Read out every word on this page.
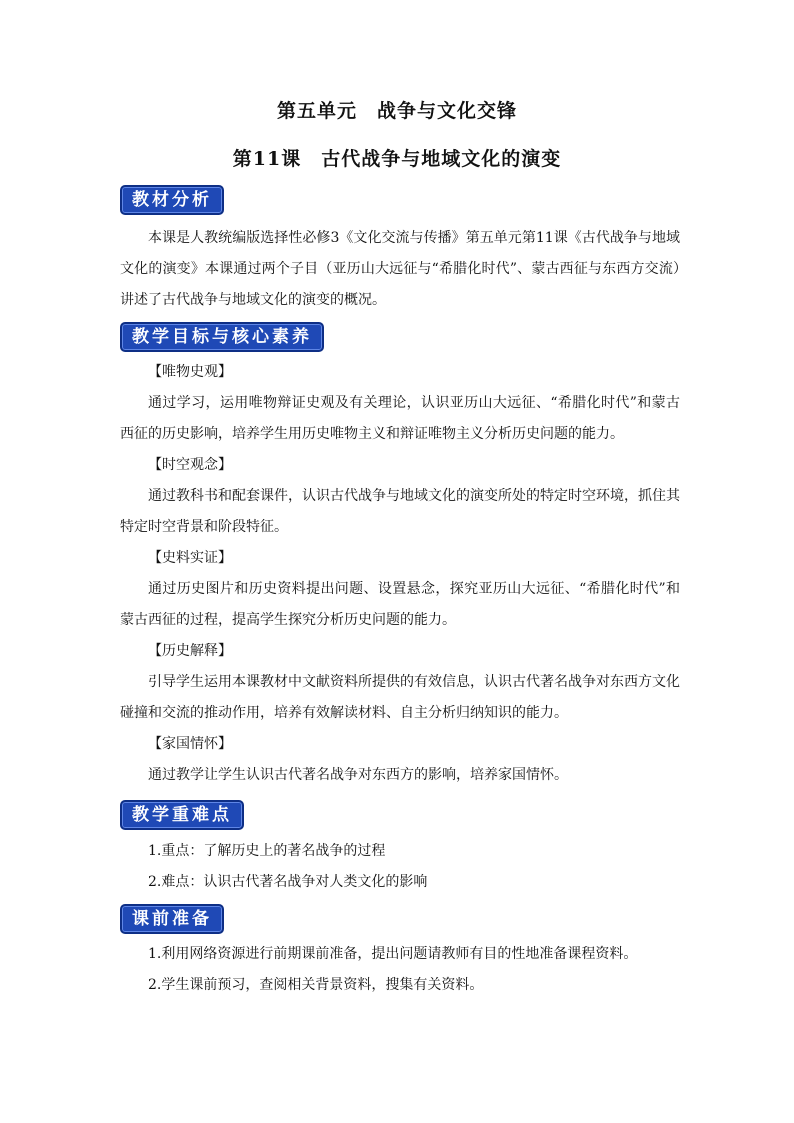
第五单元　战争与文化交锋
第11课　古代战争与地域文化的演变
教材分析
本课是人教统编版选择性必修3《文化交流与传播》第五单元第11课《古代战争与地域文化的演变》本课通过两个子目（亚历山大远征与“希腊化时代”、蒙古西征与东西方交流）讲述了古代战争与地域文化的演变的概况。
教学目标与核心素养
【唯物史观】
通过学习，运用唯物辩证史观及有关理论，认识亚历山大远征、“希腊化时代”和蒙古西征的历史影响，培养学生用历史唯物主义和辩证唯物主义分析历史问题的能力。
【时空观念】
通过教科书和配套课件，认识古代战争与地域文化的演变所处的特定时空环境，抓住其特定时空背景和阶段特征。
【史料实证】
通过历史图片和历史资料提出问题、设置悬念，探究亚历山大远征、“希腊化时代”和蒙古西征的过程，提高学生探究分析历史问题的能力。
【历史解释】
引导学生运用本课教材中文献资料所提供的有效信息，认识古代著名战争对东西方文化碰撞和交流的推动作用，培养有效解读材料、自主分析归纳知识的能力。
【家国情怀】
通过教学让学生认识古代著名战争对东西方的影响，培养家国情怀。
教学重难点
1.重点：了解历史上的著名战争的过程
2.难点：认识古代著名战争对人类文化的影响
课前准备
1.利用网络资源进行前期课前准备，提出问题请教师有目的性地准备课程资料。
2.学生课前预习，查阅相关背景资料，搜集有关资料。
